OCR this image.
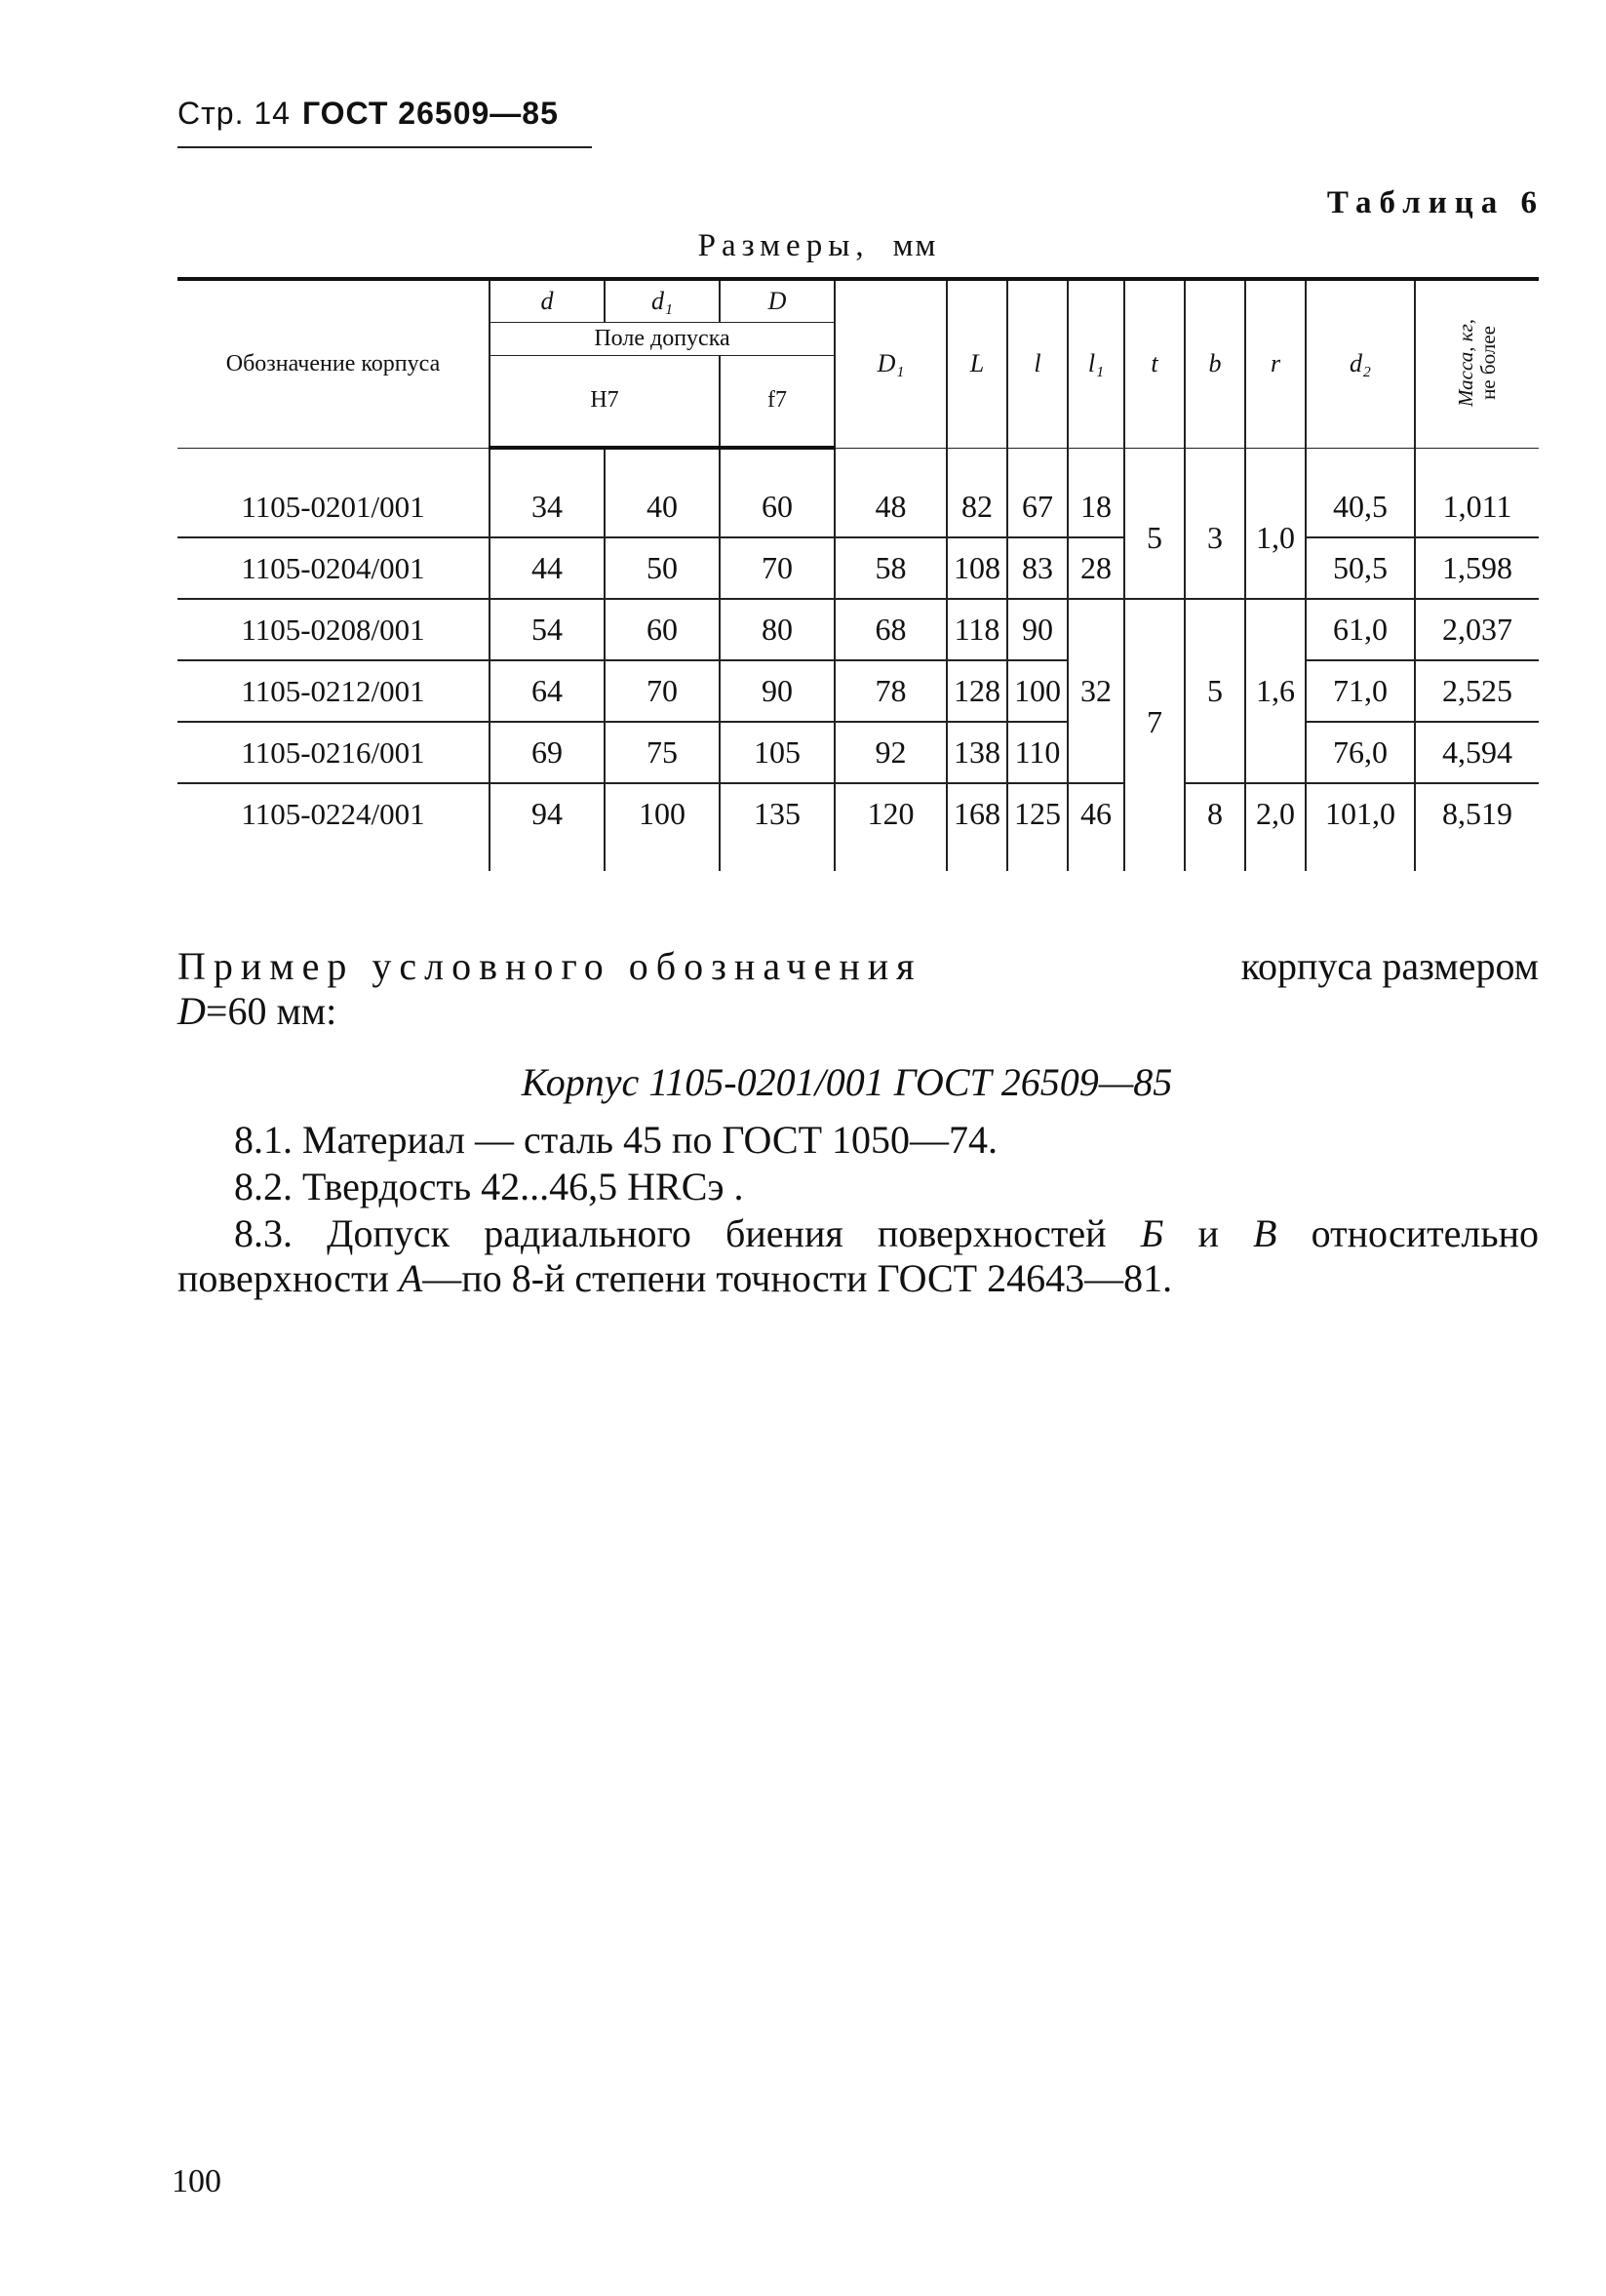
Стр. 14 ГОСТ 26509—85
Таблица 6
Размеры, мм
Обозначение корпуса	d	d₁	D	D₁	L	l	l₁	t	b	r	d₂	Масса, кг,
не более
	Поле допуска											
	H7		f7									

1105-0201/001	34	40	60	48	82	67	18	5	3	1,0	40,5	1,011
1105-0204/001	44	50	70	58	108	83	28				50,5	1,598
1105-0208/001	54	60	80	68	118	90	32	7	5	1,6	61,0	2,037
1105-0212/001	64	70	90	78	128	100					71,0	2,525
1105-0216/001	69	75	105	92	138	110					76,0	4,594
1105-0224/001	94	100	135	120	168	125	46		8	2,0	101,0	8,519

Пример условного обозначения	корпуса размером
D=60 мм:
Корпус 1105-0201/001 ГОСТ 26509—85
8.1. Материал — сталь 45 по ГОСТ 1050—74.
8.2. Твердость 42...46,5 HRCэ .
8.3. Допуск радиального биения поверхностей Б и В относительно поверхности А—по 8-й степени точности ГОСТ 24643—81.
100
